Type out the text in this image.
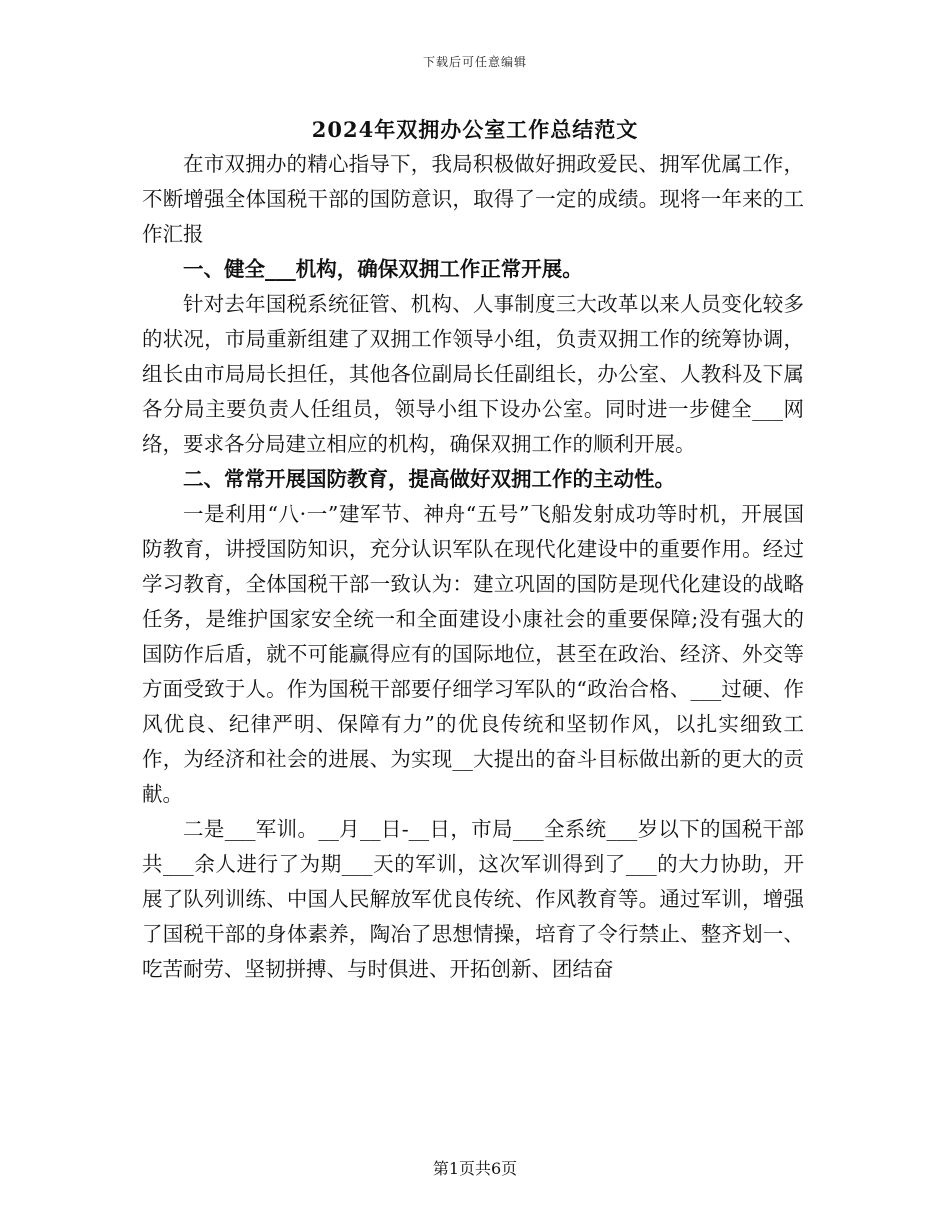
下载后可任意编辑
2024年双拥办公室工作总结范文

在市双拥办的精心指导下，我局积极做好拥政爱民、拥军优属工作，不断增强全体国税干部的国防意识，取得了一定的成绩。现将一年来的工作汇报

一、健全___机构，确保双拥工作正常开展。

针对去年国税系统征管、机构、人事制度三大改革以来人员变化较多的状况，市局重新组建了双拥工作领导小组，负责双拥工作的统筹协调，组长由市局局长担任，其他各位副局长任副组长，办公室、人教科及下属各分局主要负责人任组员，领导小组下设办公室。同时进一步健全___网络，要求各分局建立相应的机构，确保双拥工作的顺利开展。

二、常常开展国防教育，提高做好双拥工作的主动性。

一是利用“八·一”建军节、神舟“五号”飞船发射成功等时机，开展国防教育，讲授国防知识，充分认识军队在现代化建设中的重要作用。经过学习教育，全体国税干部一致认为：建立巩固的国防是现代化建设的战略任务，是维护国家安全统一和全面建设小康社会的重要保障;没有强大的国防作后盾，就不可能赢得应有的国际地位，甚至在政治、经济、外交等方面受致于人。作为国税干部要仔细学习军队的“政治合格、___过硬、作风优良、纪律严明、保障有力”的优良传统和坚韧作风，以扎实细致工作，为经济和社会的进展、为实现__大提出的奋斗目标做出新的更大的贡献。

二是___军训。__月__日-__日，市局___全系统___岁以下的国税干部共___余人进行了为期___天的军训，这次军训得到了___的大力协助，开展了队列训练、中国人民解放军优良传统、作风教育等。通过军训，增强了国税干部的身体素养，陶冶了思想情操，培育了令行禁止、整齐划一、吃苦耐劳、坚韧拼搏、与时俱进、开拓创新、团结奋

第1页共6页
